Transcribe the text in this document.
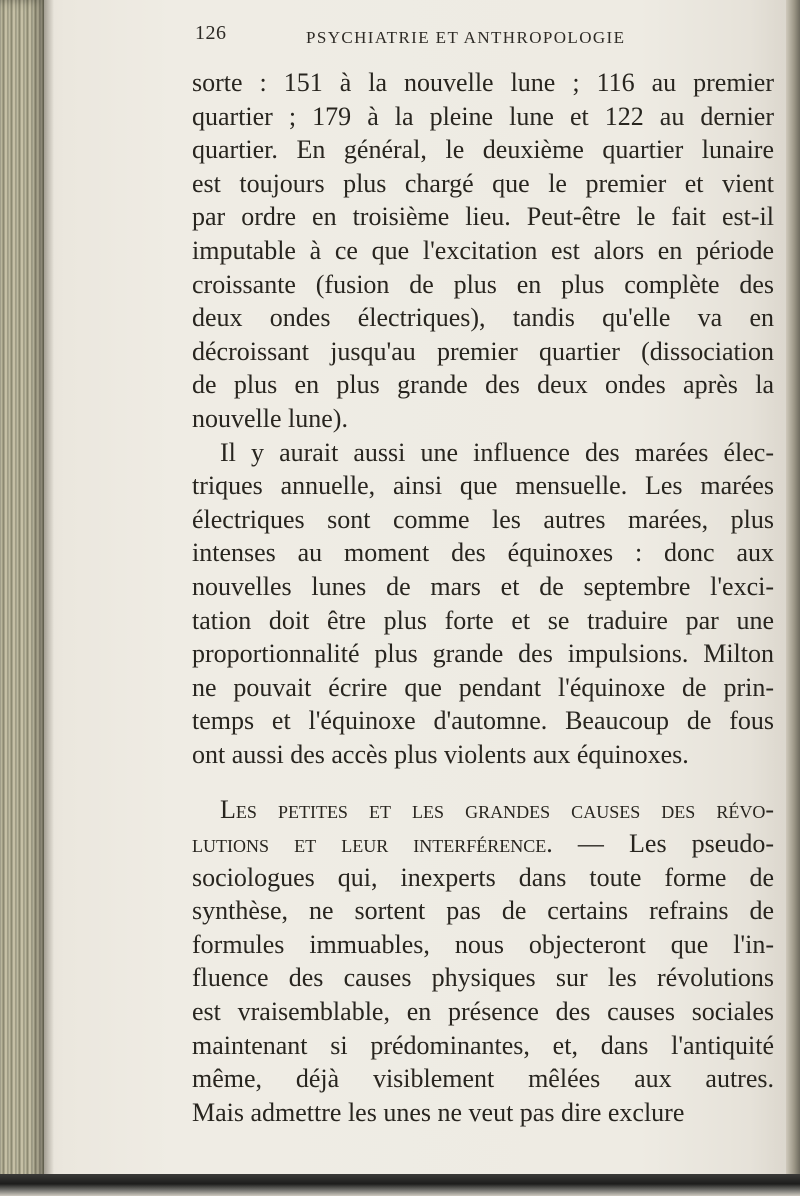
126	PSYCHIATRIE ET ANTHROPOLOGIE
sorte : 151 à la nouvelle lune ; 116 au premier
quartier ; 179 à la pleine lune et 122 au dernier
quartier. En général, le deuxième quartier lunaire
est toujours plus chargé que le premier et vient
par ordre en troisième lieu. Peut-être le fait est-il
imputable à ce que l'excitation est alors en période
croissante (fusion de plus en plus complète des
deux ondes électriques), tandis qu'elle va en
décroissant jusqu'au premier quartier (dissociation
de plus en plus grande des deux ondes après la
nouvelle lune).
Il y aurait aussi une influence des marées élec-
triques annuelle, ainsi que mensuelle. Les marées
électriques sont comme les autres marées, plus
intenses au moment des équinoxes : donc aux
nouvelles lunes de mars et de septembre l'exci-
tation doit être plus forte et se traduire par une
proportionnalité plus grande des impulsions. Milton
ne pouvait écrire que pendant l'équinoxe de prin-
temps et l'équinoxe d'automne. Beaucoup de fous
ont aussi des accès plus violents aux équinoxes.
Les petites et les grandes causes des révo-
lutions et leur interférence. — Les pseudo-
sociologues qui, inexperts dans toute forme de
synthèse, ne sortent pas de certains refrains de
formules immuables, nous objecteront que l'in-
fluence des causes physiques sur les révolutions
est vraisemblable, en présence des causes sociales
maintenant si prédominantes, et, dans l'antiquité
même, déjà visiblement mêlées aux autres.
Mais admettre les unes ne veut pas dire exclure
